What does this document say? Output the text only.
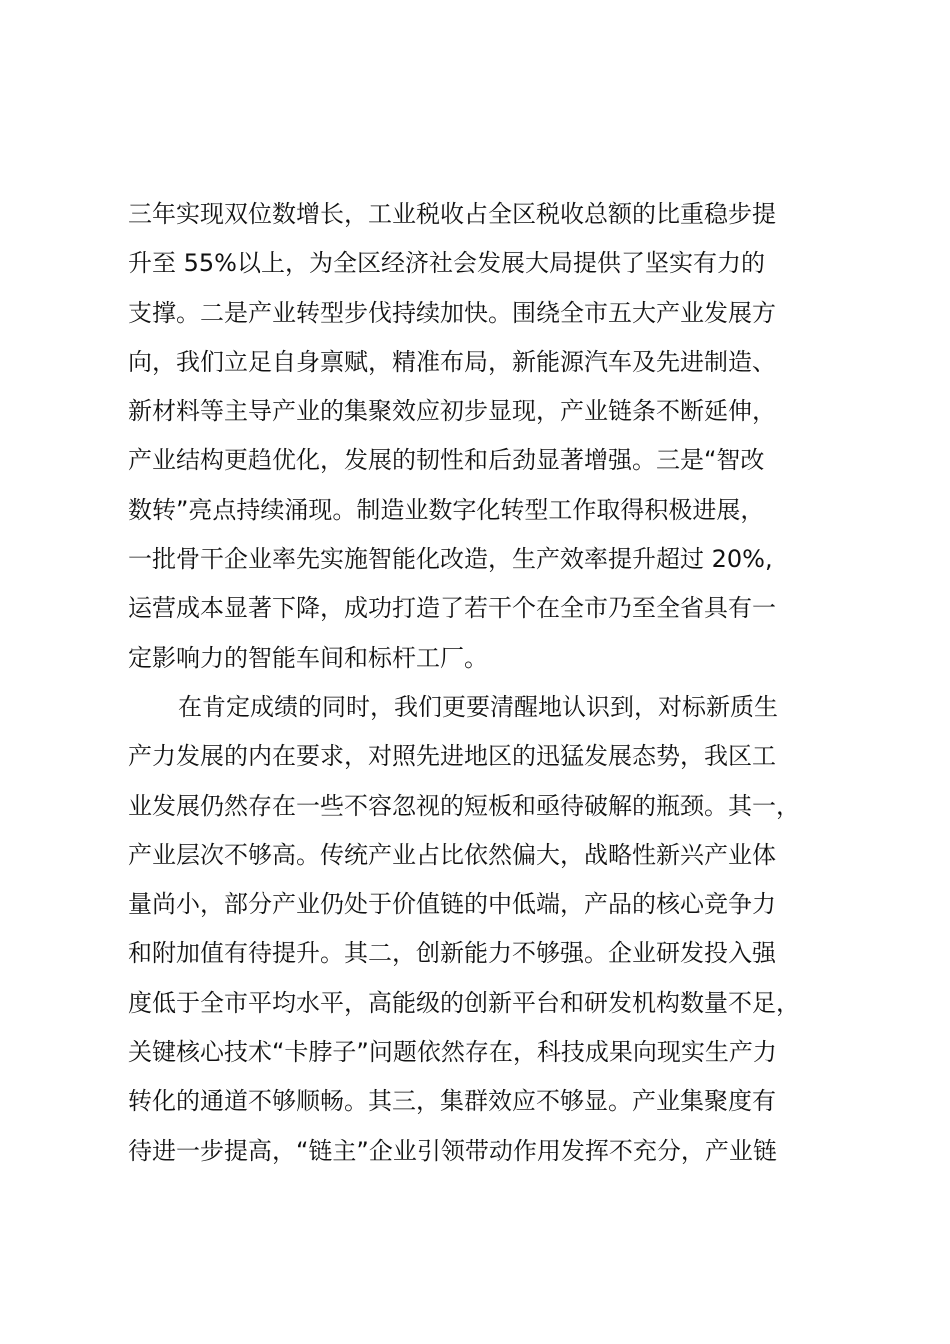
三年实现双位数增长，工业税收占全区税收总额的比重稳步提
升至 55%以上，为全区经济社会发展大局提供了坚实有力的
支撑。二是产业转型步伐持续加快。围绕全市五大产业发展方
向，我们立足自身禀赋，精准布局，新能源汽车及先进制造、
新材料等主导产业的集聚效应初步显现，产业链条不断延伸，
产业结构更趋优化，发展的韧性和后劲显著增强。三是“智改
数转”亮点持续涌现。制造业数字化转型工作取得积极进展，
一批骨干企业率先实施智能化改造，生产效率提升超过 20%,
运营成本显著下降，成功打造了若干个在全市乃至全省具有一
定影响力的智能车间和标杆工厂。
在肯定成绩的同时，我们更要清醒地认识到，对标新质生
产力发展的内在要求，对照先进地区的迅猛发展态势，我区工
业发展仍然存在一些不容忽视的短板和亟待破解的瓶颈。其一，
产业层次不够高。传统产业占比依然偏大，战略性新兴产业体
量尚小，部分产业仍处于价值链的中低端，产品的核心竞争力
和附加值有待提升。其二，创新能力不够强。企业研发投入强
度低于全市平均水平，高能级的创新平台和研发机构数量不足，
关键核心技术“卡脖子”问题依然存在，科技成果向现实生产力
转化的通道不够顺畅。其三，集群效应不够显。产业集聚度有
待进一步提高，“链主”企业引领带动作用发挥不充分，产业链
